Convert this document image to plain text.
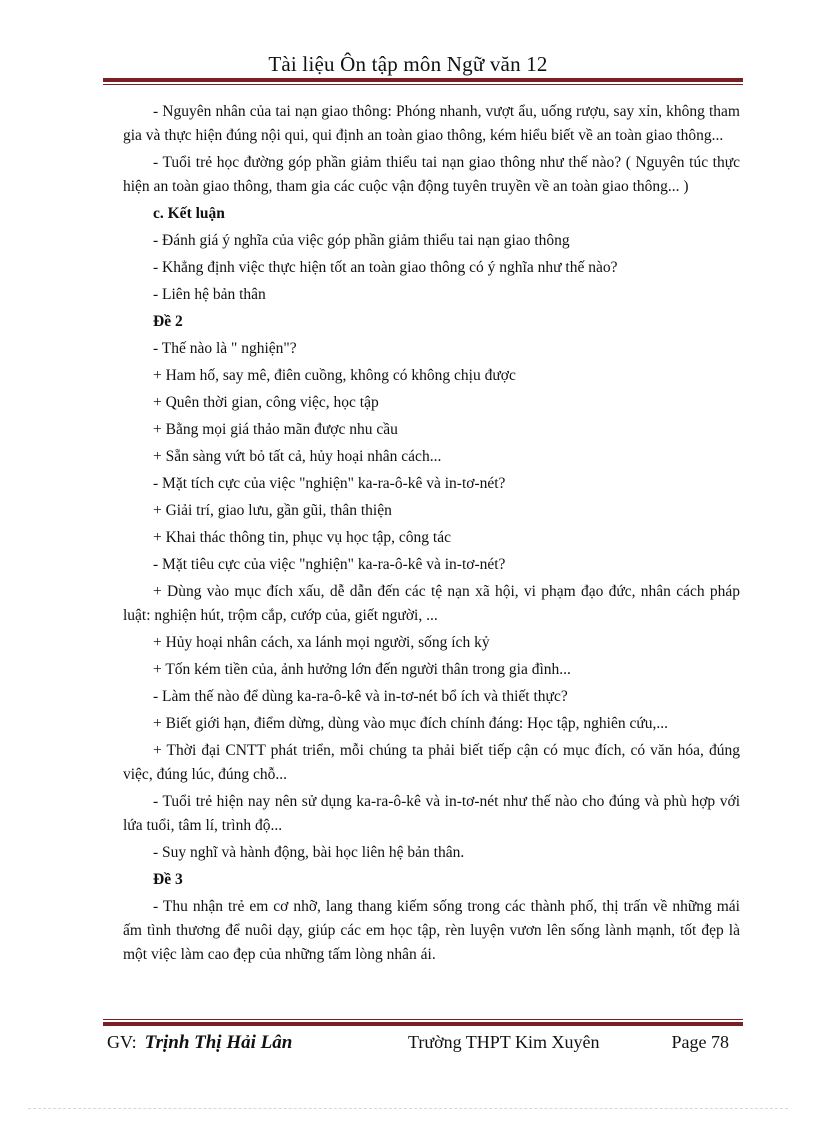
Tài liệu Ôn tập môn Ngữ văn 12

- Nguyên nhân của tai nạn giao thông: Phóng nhanh, vượt ẩu, uống rượu, say xỉn, không tham gia và thực hiện đúng nội qui, qui định an toàn giao thông, kém hiểu biết về an toàn giao thông...

- Tuổi trẻ học đường góp phần giảm thiểu tai nạn giao thông như thế nào? ( Nguyên túc thực hiện an toàn giao thông, tham gia các cuộc vận động tuyên truyền về an toàn giao thông... )

c. Kết luận

- Đánh giá ý nghĩa của việc góp phần giảm thiểu tai nạn giao thông

- Khẳng định việc thực hiện tốt an toàn giao thông có ý nghĩa như thế nào?

- Liên hệ bản thân

Đề 2

- Thế nào là " nghiện"?

+ Ham hố, say mê, điên cuồng, không có không chịu được

+ Quên thời gian, công việc, học tập

+ Bằng mọi giá thảo mãn được nhu cầu

+ Sẵn sàng vứt bỏ tất cả, hủy hoại nhân cách...

- Mặt tích cực của việc "nghiện" ka-ra-ô-kê và in-tơ-nét?

+ Giải trí, giao lưu, gần gũi, thân thiện

+ Khai thác thông tin, phục vụ học tập, công tác

- Mặt tiêu cực của việc "nghiện" ka-ra-ô-kê và in-tơ-nét?

+ Dùng vào mục đích xấu, dễ dẫn đến các tệ nạn xã hội, vi phạm đạo đức, nhân cách pháp luật: nghiện hút, trộm cắp, cướp của, giết người, ...

+ Hủy hoại nhân cách, xa lánh mọi người, sống ích kỷ

+ Tốn kém tiền của, ảnh hưởng lớn đến người thân trong gia đình...

- Làm thế nào để dùng ka-ra-ô-kê và in-tơ-nét bổ ích và thiết thực?

+ Biết giới hạn, điểm dừng, dùng vào mục đích chính đáng: Học tập, nghiên cứu,...

+ Thời đại CNTT phát triển, mỗi chúng ta phải biết tiếp cận có mục đích, có văn hóa, đúng việc, đúng lúc, đúng chỗ...

- Tuổi trẻ hiện nay nên sử dụng ka-ra-ô-kê và in-tơ-nét như thế nào cho đúng và phù hợp với lứa tuổi, tâm lí, trình độ...

- Suy nghĩ và hành động, bài học liên hệ bản thân.

Đề 3

- Thu nhận trẻ em cơ nhỡ, lang thang kiếm sống trong các thành phố, thị trấn về những mái ấm tình thương để nuôi dạy, giúp các em học tập, rèn luyện vươn lên sống lành mạnh, tốt đẹp là một việc làm cao đẹp của những tấm lòng nhân ái.

GV: Trịnh Thị Hải Lân	Trường THPT Kim Xuyên	Page 78
